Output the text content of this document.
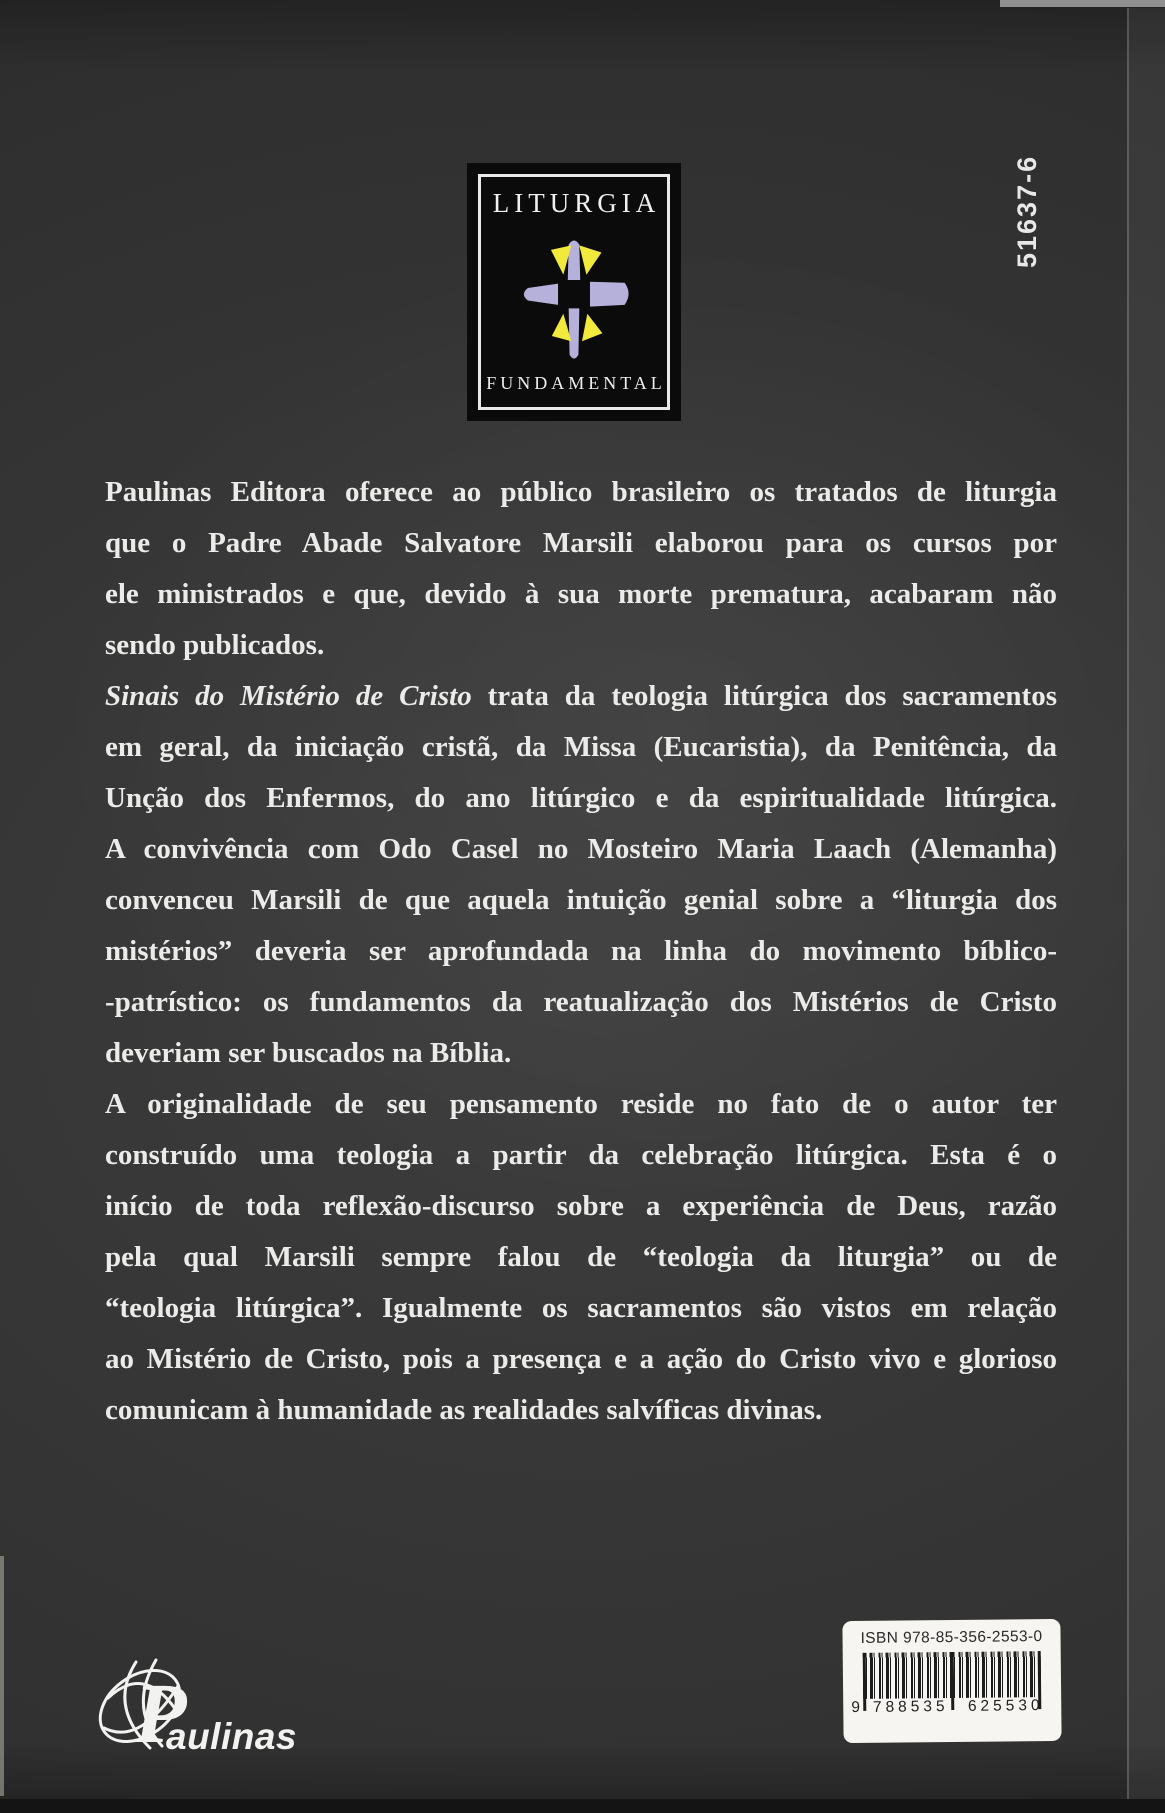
LITURGIA
FUNDAMENTAL
51637-6
Paulinas Editora oferece ao público brasileiro os tratados de liturgia
que o Padre Abade Salvatore Marsili elaborou para os cursos por
ele ministrados e que, devido à sua morte prematura, acabaram não
sendo publicados.
Sinais do Mistério de Cristo trata da teologia litúrgica dos sacramentos
em geral, da iniciação cristã, da Missa (Eucaristia), da Penitência, da
Unção dos Enfermos, do ano litúrgico e da espiritualidade litúrgica.
A convivência com Odo Casel no Mosteiro Maria Laach (Alemanha)
convenceu Marsili de que aquela intuição genial sobre a “liturgia dos
mistérios” deveria ser aprofundada na linha do movimento bíblico-
-patrístico: os fundamentos da reatualização dos Mistérios de Cristo
deveriam ser buscados na Bíblia.
A originalidade de seu pensamento reside no fato de o autor ter
construído uma teologia a partir da celebração litúrgica. Esta é o
início de toda reflexão-discurso sobre a experiência de Deus, razão
pela qual Marsili sempre falou de “teologia da liturgia” ou de
“teologia litúrgica”. Igualmente os sacramentos são vistos em relação
ao Mistério de Cristo, pois a presença e a ação do Cristo vivo e glorioso
comunicam à humanidade as realidades salvíficas divinas.
P
aulinas
ISBN 978-85-356-2553-0
9 788535	625530
